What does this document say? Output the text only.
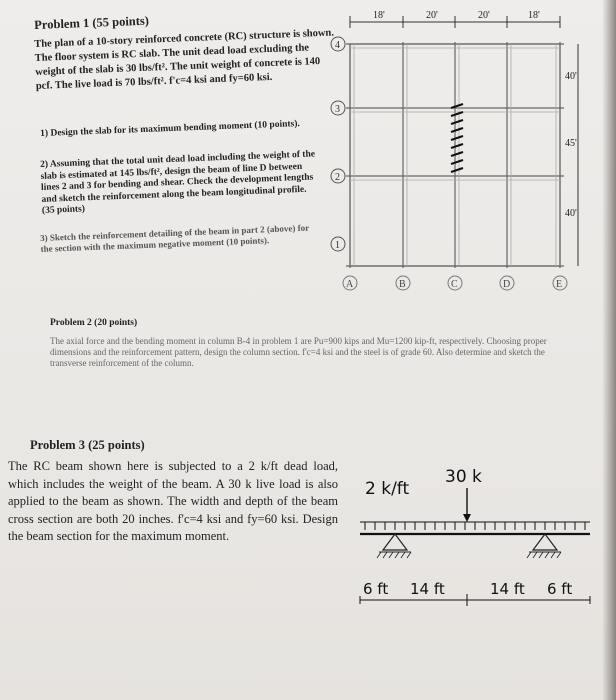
Problem 1 (55 points)
The plan of a 10-story reinforced concrete (RC) structure is shown. The floor system is RC slab. The unit dead load excluding the weight of the slab is 30 lbs/ft². The unit weight of concrete is 140 pcf. The live load is 70 lbs/ft². f'c=4 ksi and fy=60 ksi.
1) Design the slab for its maximum bending moment (10 points).
2) Assuming that the total unit dead load including the weight of the slab is estimated at 145 lbs/ft², design the beam of line D between lines 2 and 3 for bending and shear. Check the development lengths and sketch the reinforcement along the beam longitudinal profile. (35 points)
3) Sketch the reinforcement detailing of the beam in part 2 (above) for the section with the maximum negative moment (10 points).
18'	20'	20'	18'
40'
45'
40'
4
3
2
1
A	B	C	D	E
Problem 2 (20 points)
The axial force and the bending moment in column B-4 in problem 1 are Pu=900 kips and Mu=1200 kip-ft, respectively. Choosing proper dimensions and the reinforcement pattern, design the column section. f'c=4 ksi and the steel is of grade 60. Also determine and sketch the transverse reinforcement of the column.
Problem 3 (25 points)
The RC beam shown here is subjected to a 2 k/ft dead load, which includes the weight of the beam. A 30 k live load is also applied to the beam as shown. The width and depth of the beam cross section are both 20 inches. f'c=4 ksi and fy=60 ksi. Design the beam section for the maximum moment.
2 k/ft
30 k
6 ft 14 ft	14 ft 6 ft
